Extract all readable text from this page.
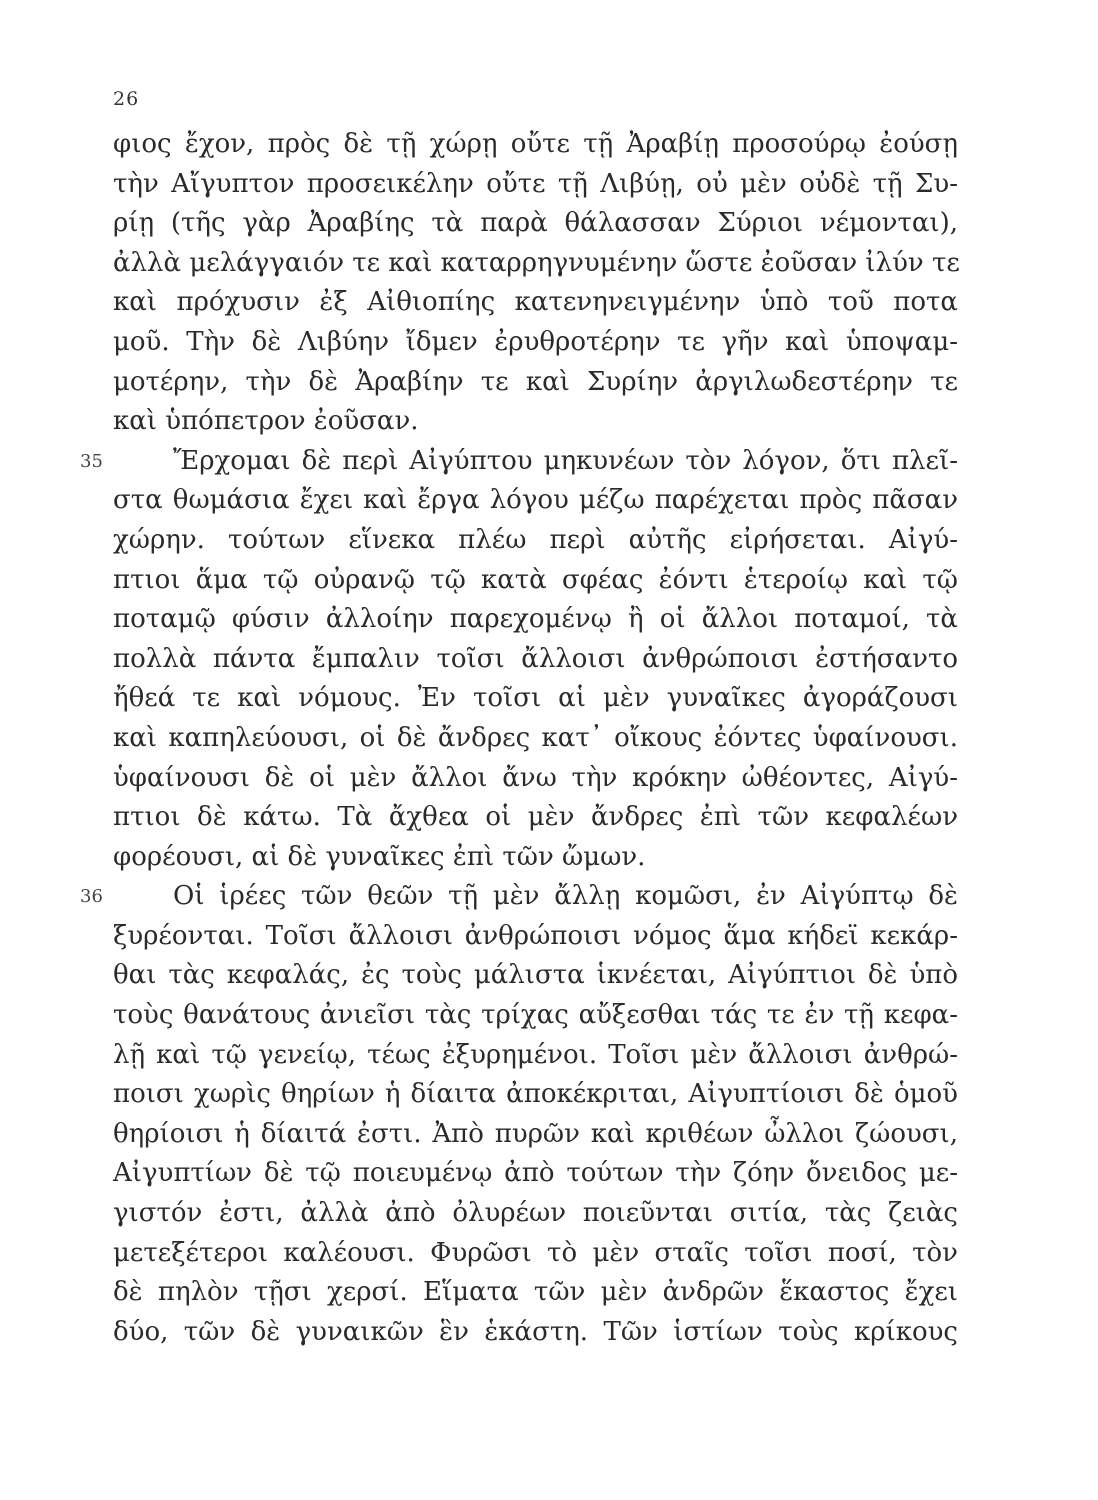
26
φιος ἔχον, πρὸς δὲ τῇ χώρῃ οὔτε τῇ Ἀραβίῃ προσούρῳ ἐούσῃ
τὴν Αἴγυπτον προσεικέλην οὔτε τῇ Λιβύῃ, οὐ μὲν οὐδὲ τῇ Συ-
ρίῃ (τῆς γὰρ Ἀραβίης τὰ παρὰ θάλασσαν Σύριοι νέμονται),
ἀλλὰ μελάγγαιόν τε καὶ καταρρηγνυμένην ὥστε ἐοῦσαν ἰλύν τε
καὶ πρόχυσιν ἐξ Αἰθιοπίης κατενηνειγμένην ὑπὸ τοῦ ποτα
μοῦ. Τὴν δὲ Λιβύην ἴδμεν ἐρυθροτέρην τε γῆν καὶ ὑποψαμ-
μοτέρην, τὴν δὲ Ἀραβίην τε καὶ Συρίην ἀργιλωδεστέρην τε
καὶ ὑπόπετρον ἐοῦσαν.
35	Ἔρχομαι δὲ περὶ Αἰγύπτου μηκυνέων τὸν λόγον, ὅτι πλεῖ-
στα θωμάσια ἔχει καὶ ἔργα λόγου μέζω παρέχεται πρὸς πᾶσαν
χώρην. τούτων εἵνεκα πλέω περὶ αὐτῆς εἰρήσεται. Αἰγύ-
πτιοι ἅμα τῷ οὐρανῷ τῷ κατὰ σφέας ἐόντι ἑτεροίῳ καὶ τῷ
ποταμῷ φύσιν ἀλλοίην παρεχομένῳ ἢ οἱ ἄλλοι ποταμοί, τὰ
πολλὰ πάντα ἔμπαλιν τοῖσι ἄλλοισι ἀνθρώποισι ἐστήσαντο
ἤθεά τε καὶ νόμους. Ἐν τοῖσι αἱ μὲν γυναῖκες ἀγοράζουσι
καὶ καπηλεύουσι, οἱ δὲ ἄνδρες κατ᾽ οἴκους ἐόντες ὑφαίνουσι.
ὑφαίνουσι δὲ οἱ μὲν ἄλλοι ἄνω τὴν κρόκην ὠθέοντες, Αἰγύ-
πτιοι δὲ κάτω. Τὰ ἄχθεα οἱ μὲν ἄνδρες ἐπὶ τῶν κεφαλέων
φορέουσι, αἱ δὲ γυναῖκες ἐπὶ τῶν ὤμων.
36	Οἱ ἱρέες τῶν θεῶν τῇ μὲν ἄλλῃ κομῶσι, ἐν Αἰγύπτῳ δὲ
ξυρέονται. Τοῖσι ἄλλοισι ἀνθρώποισι νόμος ἅμα κήδεϊ κεκάρ-
θαι τὰς κεφαλάς, ἐς τοὺς μάλιστα ἱκνέεται, Αἰγύπτιοι δὲ ὑπὸ
τοὺς θανάτους ἀνιεῖσι τὰς τρίχας αὔξεσθαι τάς τε ἐν τῇ κεφα-
λῇ καὶ τῷ γενείῳ, τέως ἐξυρημένοι. Τοῖσι μὲν ἄλλοισι ἀνθρώ-
ποισι χωρὶς θηρίων ἡ δίαιτα ἀποκέκριται, Αἰγυπτίοισι δὲ ὁμοῦ
θηρίοισι ἡ δίαιτά ἐστι. Ἀπὸ πυρῶν καὶ κριθέων ὦλλοι ζώουσι,
Αἰγυπτίων δὲ τῷ ποιευμένῳ ἀπὸ τούτων τὴν ζόην ὄνειδος με-
γιστόν ἐστι, ἀλλὰ ἀπὸ ὀλυρέων ποιεῦνται σιτία, τὰς ζειὰς
μετεξέτεροι καλέουσι. Φυρῶσι τὸ μὲν σταῖς τοῖσι ποσί, τὸν
δὲ πηλὸν τῇσι χερσί. Εἵματα τῶν μὲν ἀνδρῶν ἕκαστος ἔχει
δύο, τῶν δὲ γυναικῶν ἓν ἑκάστη. Τῶν ἱστίων τοὺς κρίκους
